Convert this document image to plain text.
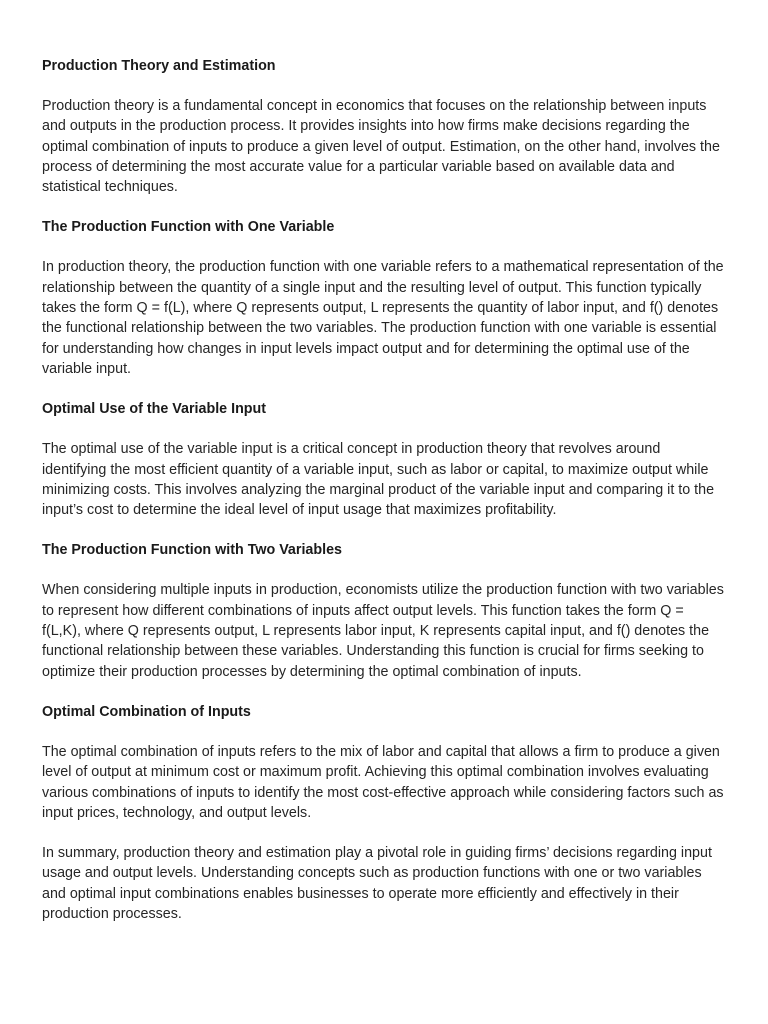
Production Theory and Estimation

Production theory is a fundamental concept in economics that focuses on the relationship between inputs and outputs in the production process. It provides insights into how firms make decisions regarding the optimal combination of inputs to produce a given level of output. Estimation, on the other hand, involves the process of determining the most accurate value for a particular variable based on available data and statistical techniques.

The Production Function with One Variable

In production theory, the production function with one variable refers to a mathematical representation of the relationship between the quantity of a single input and the resulting level of output. This function typically takes the form Q = f(L), where Q represents output, L represents the quantity of labor input, and f() denotes the functional relationship between the two variables. The production function with one variable is essential for understanding how changes in input levels impact output and for determining the optimal use of the variable input.

Optimal Use of the Variable Input

The optimal use of the variable input is a critical concept in production theory that revolves around identifying the most efficient quantity of a variable input, such as labor or capital, to maximize output while minimizing costs. This involves analyzing the marginal product of the variable input and comparing it to the input’s cost to determine the ideal level of input usage that maximizes profitability.

The Production Function with Two Variables

When considering multiple inputs in production, economists utilize the production function with two variables to represent how different combinations of inputs affect output levels. This function takes the form Q = f(L,K), where Q represents output, L represents labor input, K represents capital input, and f() denotes the functional relationship between these variables. Understanding this function is crucial for firms seeking to optimize their production processes by determining the optimal combination of inputs.

Optimal Combination of Inputs

The optimal combination of inputs refers to the mix of labor and capital that allows a firm to produce a given level of output at minimum cost or maximum profit. Achieving this optimal combination involves evaluating various combinations of inputs to identify the most cost-effective approach while considering factors such as input prices, technology, and output levels.

In summary, production theory and estimation play a pivotal role in guiding firms’ decisions regarding input usage and output levels. Understanding concepts such as production functions with one or two variables and optimal input combinations enables businesses to operate more efficiently and effectively in their production processes.
